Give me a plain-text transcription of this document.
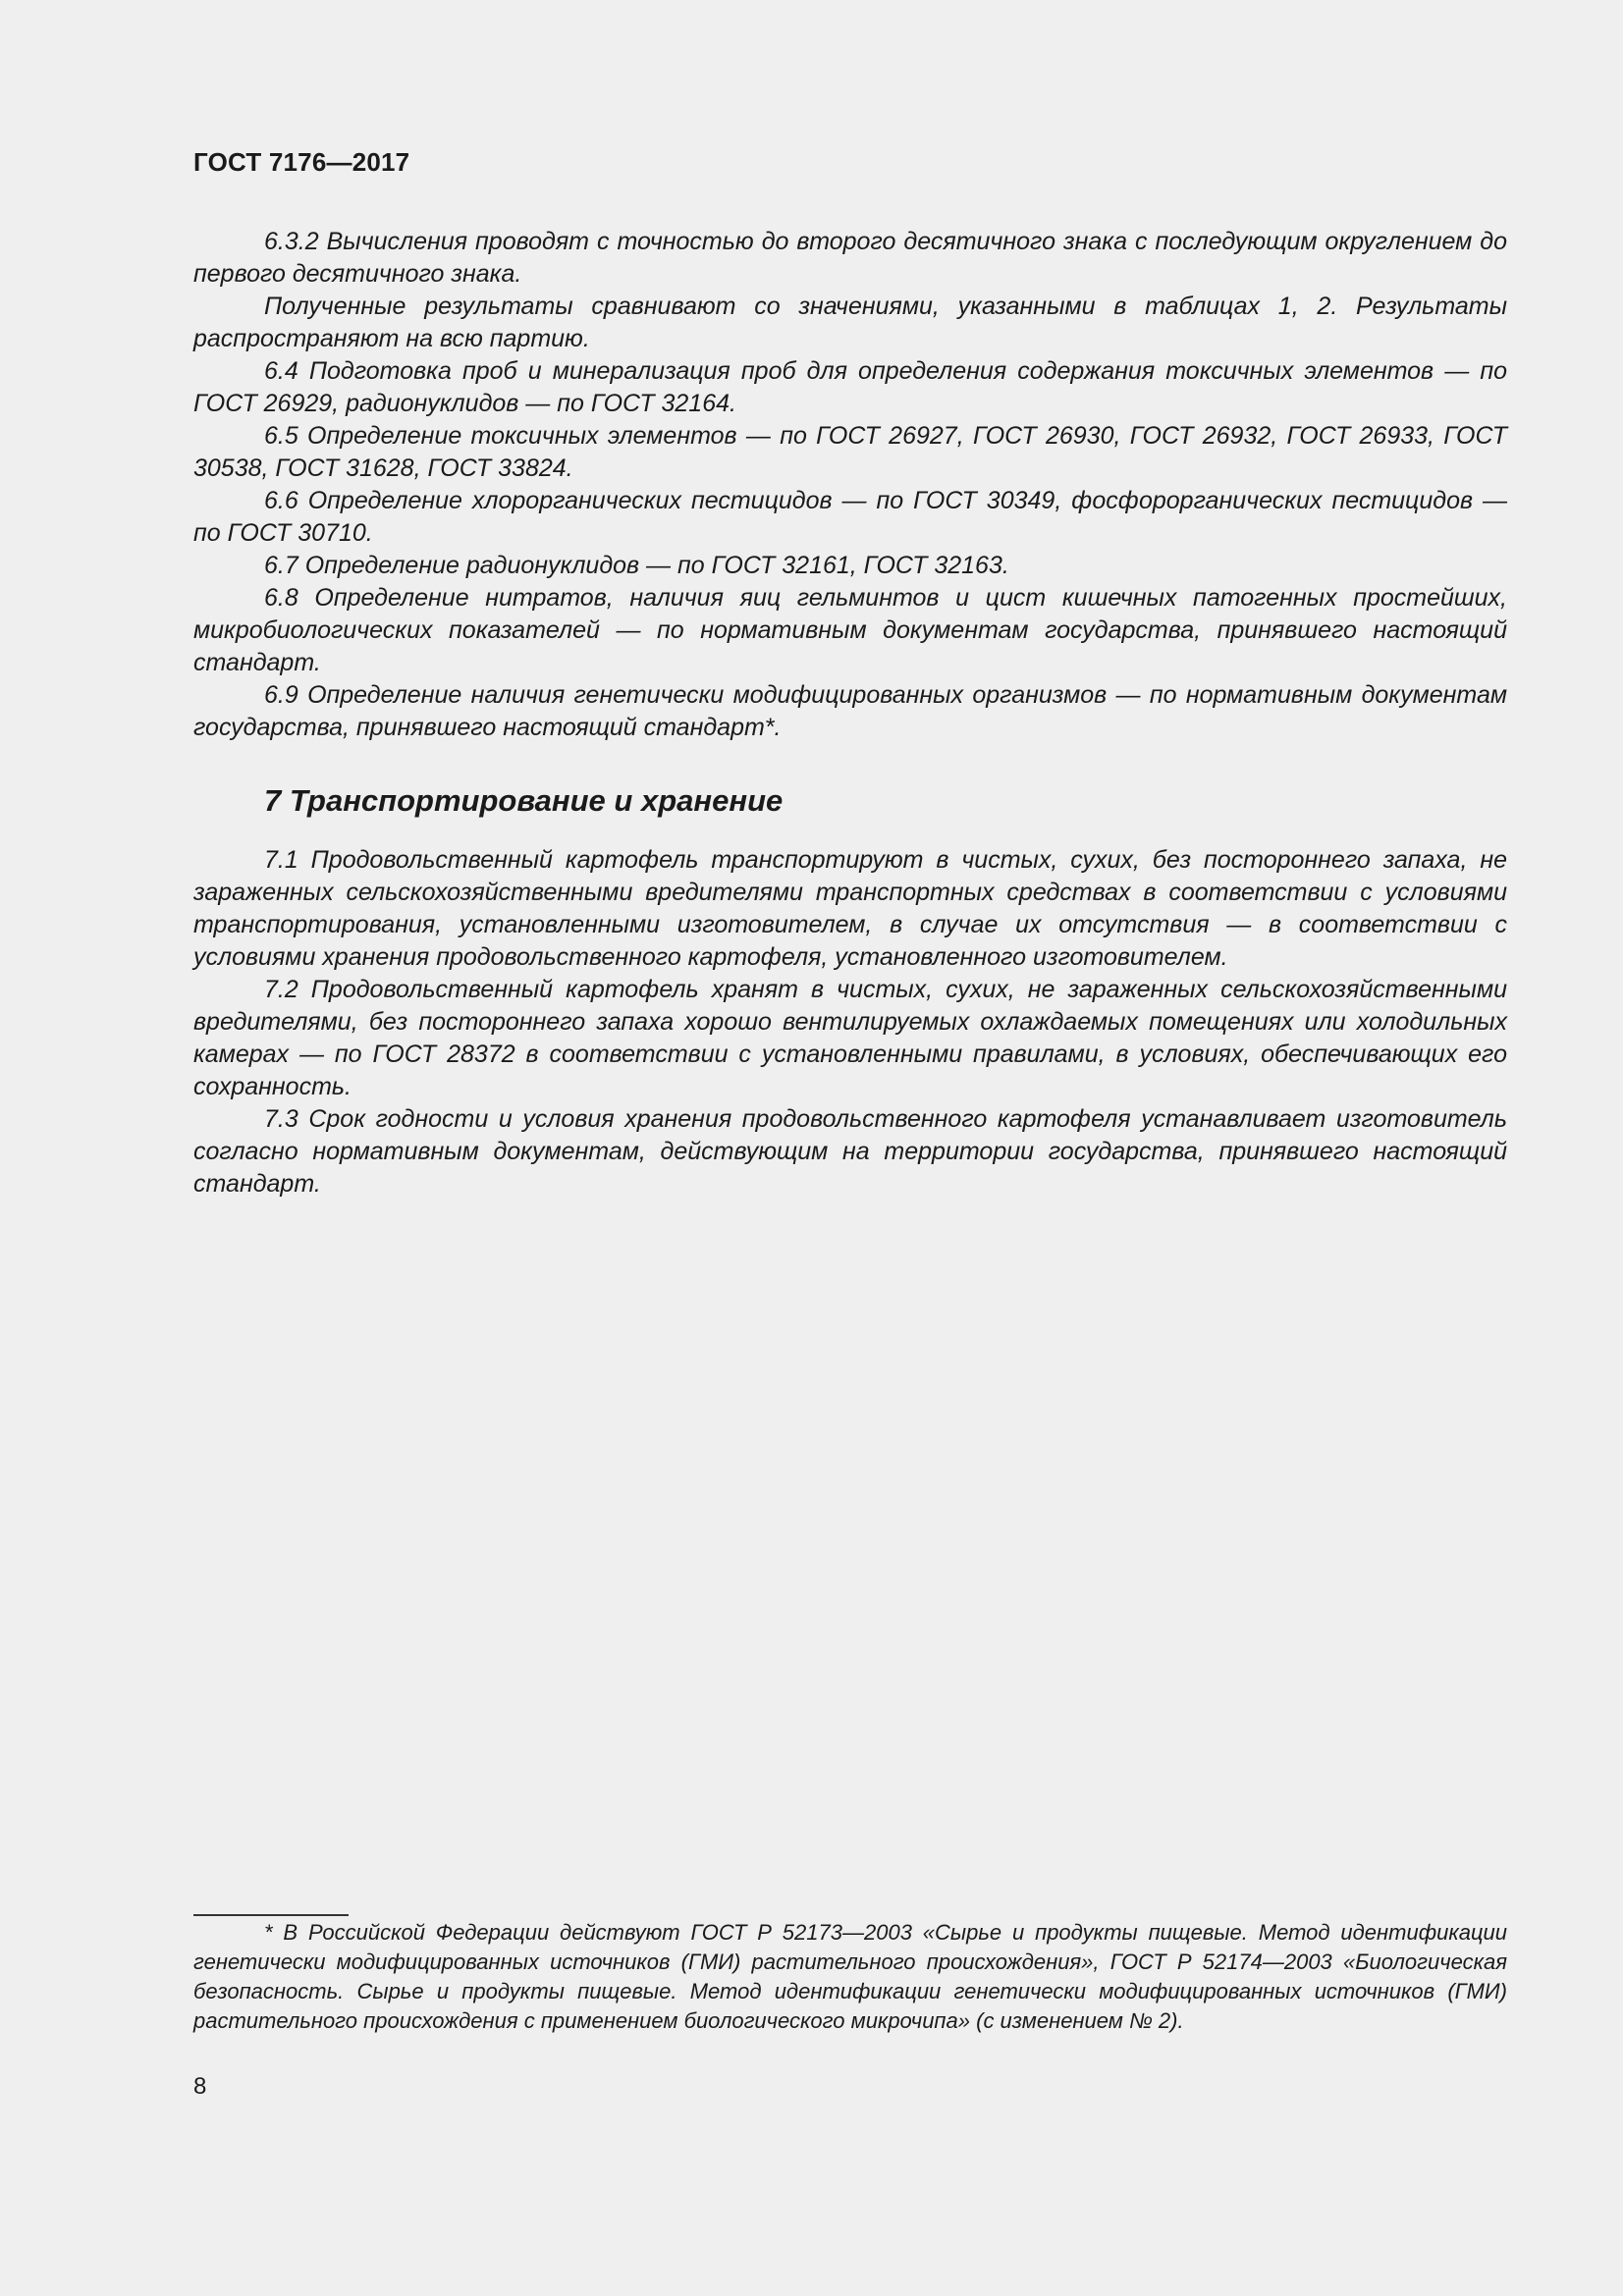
ГОСТ 7176—2017

6.3.2 Вычисления проводят с точностью до второго десятичного знака с последующим округлением до первого десятичного знака.

Полученные результаты сравнивают со значениями, указанными в таблицах 1, 2. Результаты распространяют на всю партию.

6.4 Подготовка проб и минерализация проб для определения содержания токсичных элементов — по ГОСТ 26929, радионуклидов — по ГОСТ 32164.

6.5 Определение токсичных элементов — по ГОСТ 26927, ГОСТ 26930, ГОСТ 26932, ГОСТ 26933, ГОСТ 30538, ГОСТ 31628, ГОСТ 33824.

6.6 Определение хлорорганических пестицидов — по ГОСТ 30349, фосфорорганических пестицидов — по ГОСТ 30710.

6.7 Определение радионуклидов — по ГОСТ 32161, ГОСТ 32163.

6.8 Определение нитратов, наличия яиц гельминтов и цист кишечных патогенных простейших, микробиологических показателей — по нормативным документам государства, принявшего настоящий стандарт.

6.9 Определение наличия генетически модифицированных организмов — по нормативным документам государства, принявшего настоящий стандарт*.

7 Транспортирование и хранение

7.1 Продовольственный картофель транспортируют в чистых, сухих, без постороннего запаха, не зараженных сельскохозяйственными вредителями транспортных средствах в соответствии с условиями транспортирования, установленными изготовителем, в случае их отсутствия — в соответствии с условиями хранения продовольственного картофеля, установленного изготовителем.

7.2 Продовольственный картофель хранят в чистых, сухих, не зараженных сельскохозяйственными вредителями, без постороннего запаха хорошо вентилируемых охлаждаемых помещениях или холодильных камерах — по ГОСТ 28372 в соответствии с установленными правилами, в условиях, обеспечивающих его сохранность.

7.3 Срок годности и условия хранения продовольственного картофеля устанавливает изготовитель согласно нормативным документам, действующим на территории государства, принявшего настоящий стандарт.

* В Российской Федерации действуют ГОСТ Р 52173—2003 «Сырье и продукты пищевые. Метод идентификации генетически модифицированных источников (ГМИ) растительного происхождения», ГОСТ Р 52174—2003 «Биологическая безопасность. Сырье и продукты пищевые. Метод идентификации генетически модифицированных источников (ГМИ) растительного происхождения с применением биологического микрочипа» (с изменением № 2).
8
